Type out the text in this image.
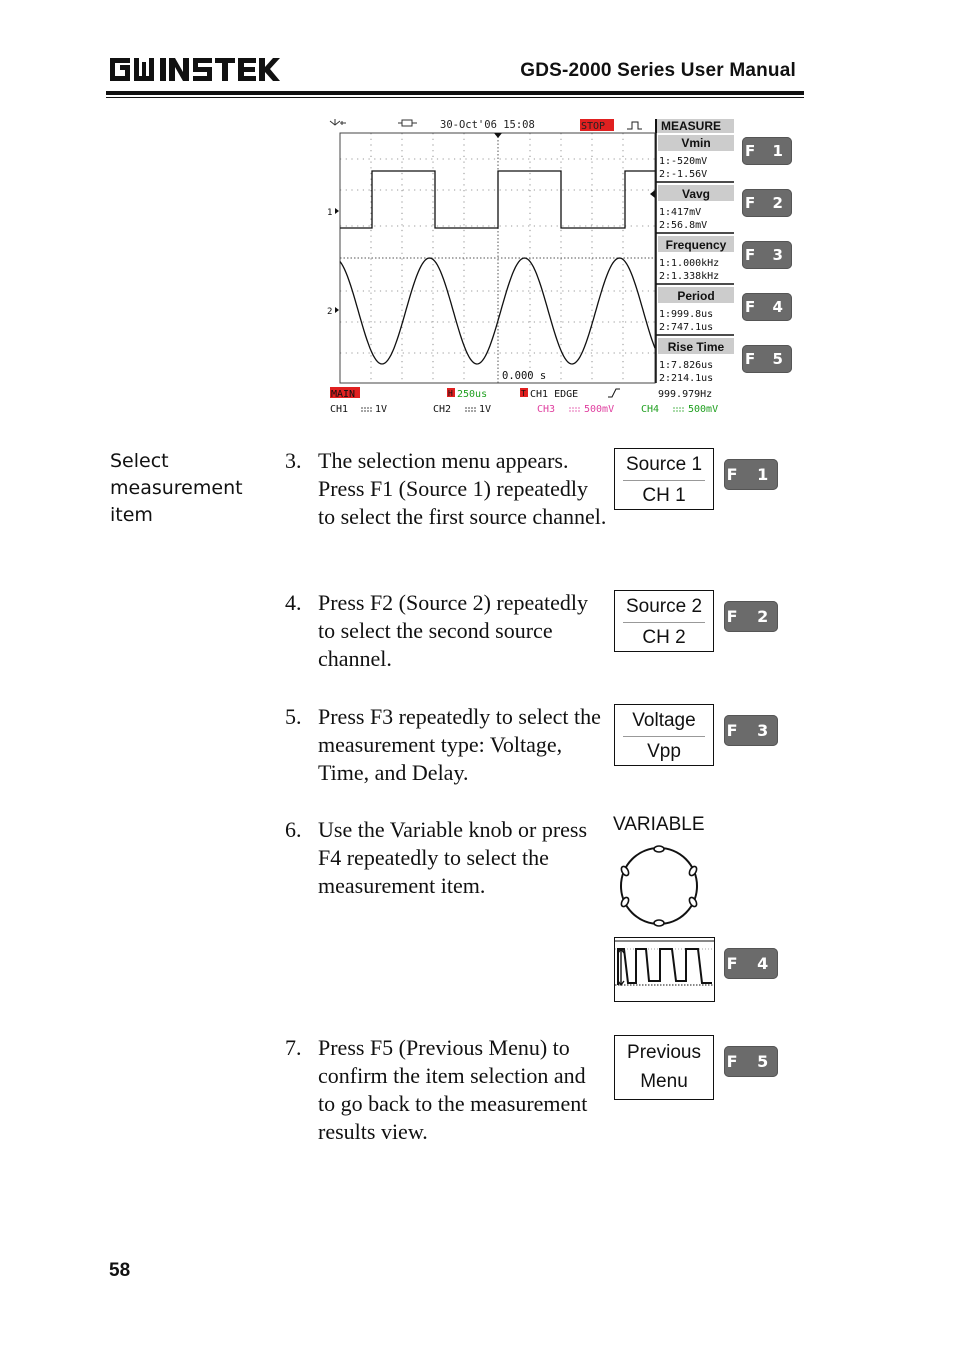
GDS-2000 Series User Manual
30-Oct'06 15:08	STOP	MEASURE
1
2
0.000 s
Vmin
1:-520mV
2:-1.56V
Vavg
1:417mV
2:56.8mV
Frequency
1:1.000kHz
2:1.338kHz
Period
1:999.8us
2:747.1us
Rise Time
1:7.826us
2:214.1us
MAIN	H 250us	T CH1 EDGE	999.979Hz
CH1	1V	CH2	1V	CH3	500mV	CH4	500mV
F 1
F 2
F 3
F 4
F 5
Select measurement item
3. The selection menu appears. Press F1 (Source 1) repeatedly to select the first source channel.
Source 1
CH 1
F 1
4. Press F2 (Source 2) repeatedly to select the second source channel.
Source 2
CH 2
F 2
5. Press F3 repeatedly to select the measurement type: Voltage, Time, and Delay.
Voltage
Vpp
F 3
6. Use the Variable knob or press F4 repeatedly to select the measurement item.
VARIABLE
F 4
7. Press F5 (Previous Menu) to confirm the item selection and to go back to the measurement results view.
Previous
Menu
F 5
58
